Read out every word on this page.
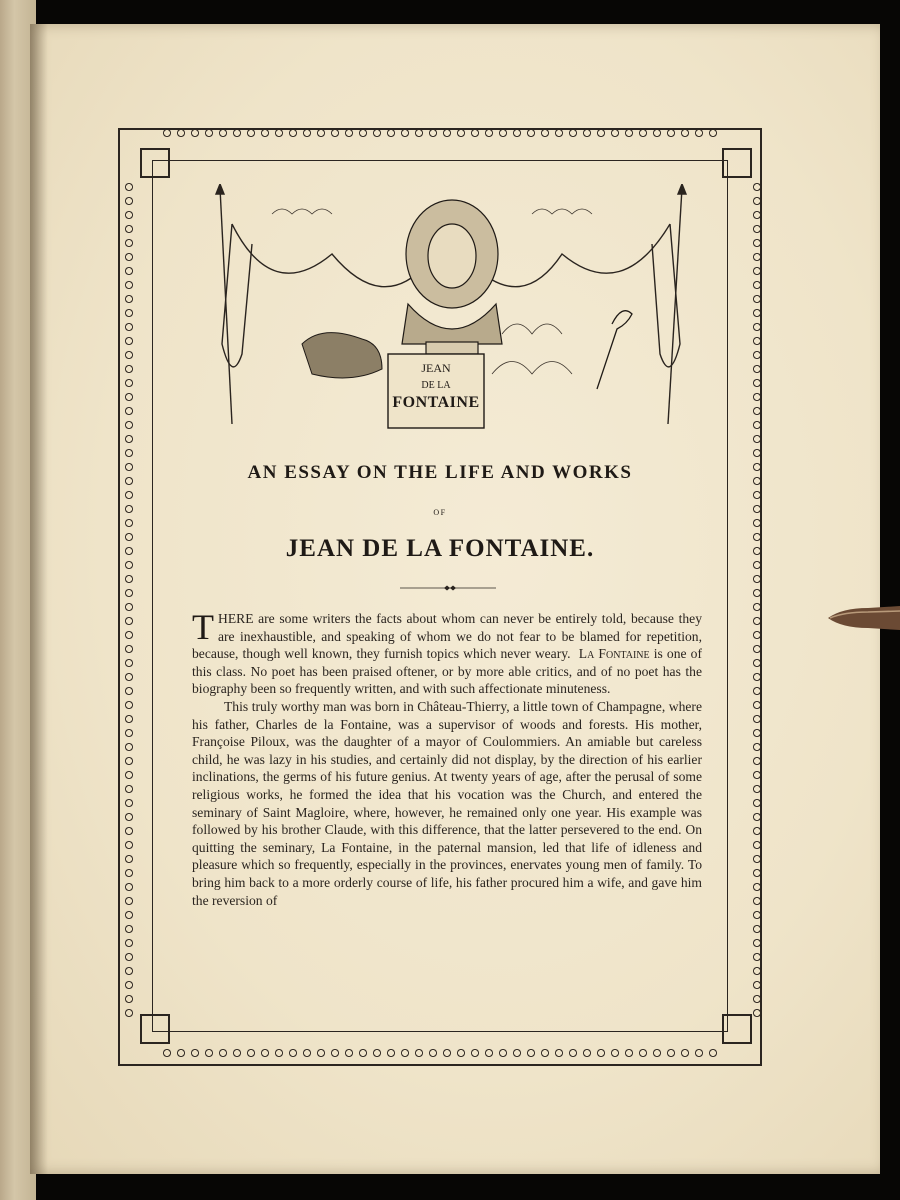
JEAN
DE LA
FONTAINE
AN ESSAY ON THE LIFE AND WORKS
OF
JEAN DE LA FONTAINE.

THERE are some writers the facts about whom can never be entirely told, because they are inexhaustible, and speaking of whom we do not fear to be blamed for repetition, because, though well known, they furnish topics which never weary. La Fontaine is one of this class. No poet has been praised oftener, or by more able critics, and of no poet has the biography been so frequently written, and with such affectionate minuteness.

This truly worthy man was born in Château-Thierry, a little town of Champagne, where his father, Charles de la Fontaine, was a supervisor of woods and forests. His mother, Françoise Piloux, was the daughter of a mayor of Coulommiers. An amiable but careless child, he was lazy in his studies, and certainly did not display, by the direction of his earlier inclinations, the germs of his future genius. At twenty years of age, after the perusal of some religious works, he formed the idea that his vocation was the Church, and entered the seminary of Saint Magloire, where, however, he remained only one year. His example was followed by his brother Claude, with this difference, that the latter persevered to the end. On quitting the seminary, La Fontaine, in the paternal mansion, led that life of idleness and pleasure which so frequently, especially in the provinces, enervates young men of family. To bring him back to a more orderly course of life, his father procured him a wife, and gave him the reversion of
